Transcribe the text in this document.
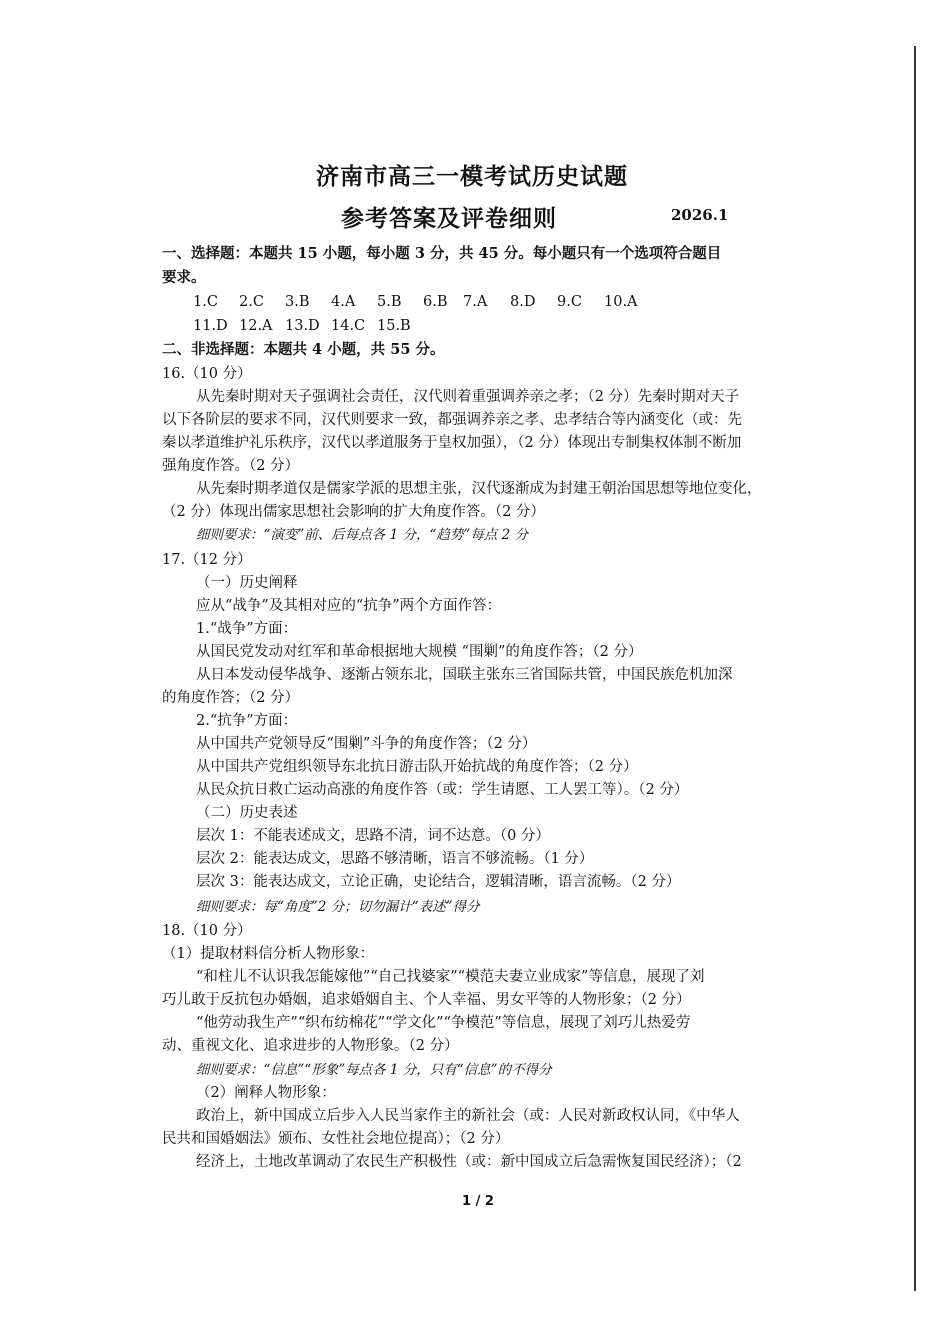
济南市高三一模考试历史试题
参考答案及评卷细则	2026.1
一、选择题：本题共 15 小题，每小题 3 分，共 45 分。每小题只有一个选项符合题目
要求。
1.C 2.C 3.B 4.A 5.B 6.B 7.A 8.D 9.C 10.A
11.D 12.A 13.D 14.C 15.B
二、非选择题：本题共 4 小题，共 55 分。
16.（10 分）
从先秦时期对天子强调社会责任，汉代则着重强调养亲之孝；（2 分）先秦时期对天子
以下各阶层的要求不同，汉代则要求一致，都强调养亲之孝、忠孝结合等内涵变化（或：先
秦以孝道维护礼乐秩序，汉代以孝道服务于皇权加强），（2 分）体现出专制集权体制不断加
强角度作答。（2 分）
从先秦时期孝道仅是儒家学派的思想主张，汉代逐渐成为封建王朝治国思想等地位变化，
（2 分）体现出儒家思想社会影响的扩大角度作答。（2 分）
细则要求：“演变”前、后每点各 1 分，“趋势”每点 2 分
17.（12 分）
（一）历史阐释
应从“战争”及其相对应的“抗争”两个方面作答：
1.“战争”方面：
从国民党发动对红军和革命根据地大规模 “围剿”的角度作答；（2 分）
从日本发动侵华战争、逐渐占领东北，国联主张东三省国际共管，中国民族危机加深
的角度作答；（2 分）
2.“抗争”方面：
从中国共产党领导反“围剿”斗争的角度作答；（2 分）
从中国共产党组织领导东北抗日游击队开始抗战的角度作答；（2 分）
从民众抗日救亡运动高涨的角度作答（或：学生请愿、工人罢工等）。（2 分）
（二）历史表述
层次 1：不能表述成文，思路不清，词不达意。（0 分）
层次 2：能表达成文，思路不够清晰，语言不够流畅。（1 分）
层次 3：能表达成文，立论正确，史论结合，逻辑清晰，语言流畅。（2 分）
细则要求：每“角度”2 分；切勿漏计“表述”得分
18.（10 分）
（1）提取材料信分析人物形象：
“和柱儿不认识我怎能嫁他”“自己找婆家”“模范夫妻立业成家”等信息，展现了刘
巧儿敢于反抗包办婚姻，追求婚姻自主、个人幸福、男女平等的人物形象；（2 分）
“他劳动我生产”“织布纺棉花”“学文化”“争模范”等信息，展现了刘巧儿热爱劳
动、重视文化、追求进步的人物形象。（2 分）
细则要求：“信息”“形象”每点各 1 分，只有“信息”的不得分
（2）阐释人物形象：
政治上，新中国成立后步入人民当家作主的新社会（或：人民对新政权认同，《中华人
民共和国婚姻法》颁布、女性社会地位提高）；（2 分）
经济上，土地改革调动了农民生产积极性（或：新中国成立后急需恢复国民经济）；（2
1 / 2
